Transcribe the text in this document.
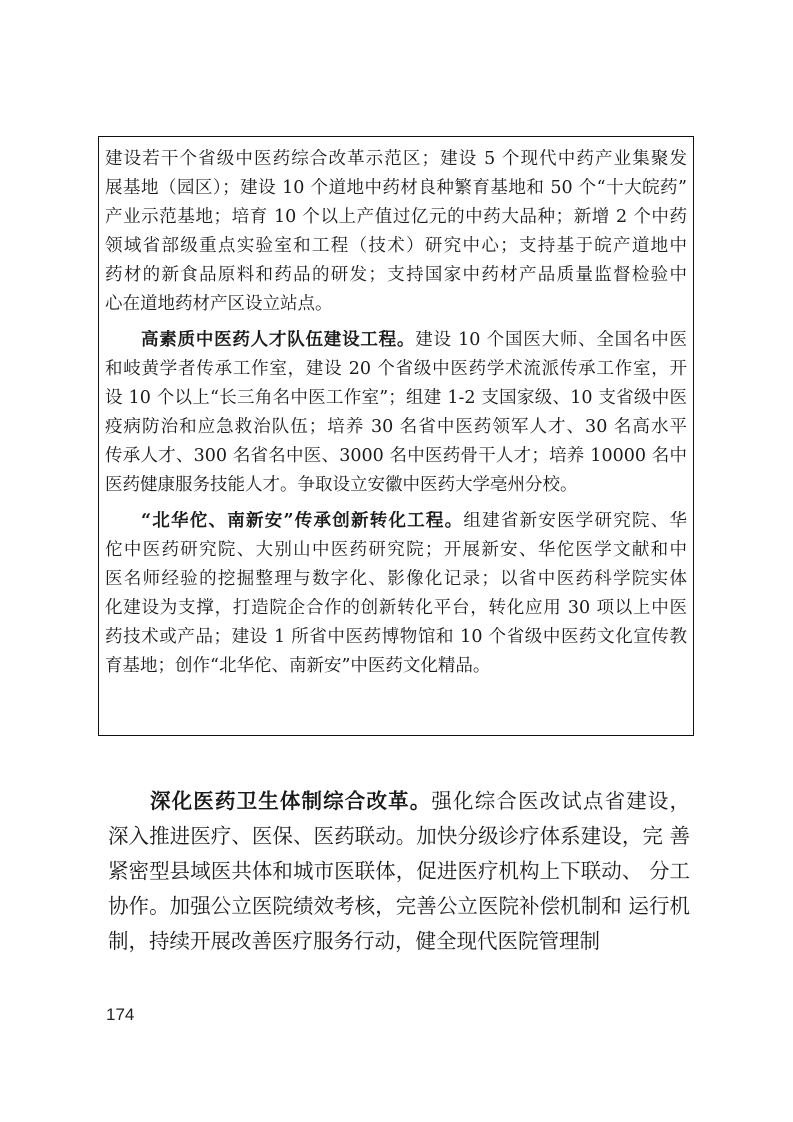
建设若干个省级中医药综合改革示范区；建设 5 个现代中药产业集聚发
展基地（园区）；建设 10 个道地中药材良种繁育基地和 50 个“十大皖药”
产业示范基地；培育 10 个以上产值过亿元的中药大品种；新增 2 个中药
领域省部级重点实验室和工程（技术）研究中心；支持基于皖产道地中
药材的新食品原料和药品的研发；支持国家中药材产品质量监督检验中
心在道地药材产区设立站点。
高素质中医药人才队伍建设工程。建设 10 个国医大师、全国名中医
和岐黄学者传承工作室，建设 20 个省级中医药学术流派传承工作室，开
设 10 个以上“长三角名中医工作室”；组建 1-2 支国家级、10 支省级中医
疫病防治和应急救治队伍；培养 30 名省中医药领军人才、30 名高水平
传承人才、300 名省名中医、3000 名中医药骨干人才；培养 10000 名中
医药健康服务技能人才。争取设立安徽中医药大学亳州分校。
“北华佗、南新安”传承创新转化工程。组建省新安医学研究院、华
佗中医药研究院、大别山中医药研究院；开展新安、华佗医学文献和中
医名师经验的挖掘整理与数字化、影像化记录；以省中医药科学院实体
化建设为支撑，打造院企合作的创新转化平台，转化应用 30 项以上中医
药技术或产品；建设 1 所省中医药博物馆和 10 个省级中医药文化宣传教
育基地；创作“北华佗、南新安”中医药文化精品。
深化医药卫生体制综合改革。强化综合医改试点省建设，
深入推进医疗、医保、医药联动。加快分级诊疗体系建设，完 善
紧密型县域医共体和城市医联体，促进医疗机构上下联动、 分工
协作。加强公立医院绩效考核，完善公立医院补偿机制和 运行机
制，持续开展改善医疗服务行动，健全现代医院管理制
174
